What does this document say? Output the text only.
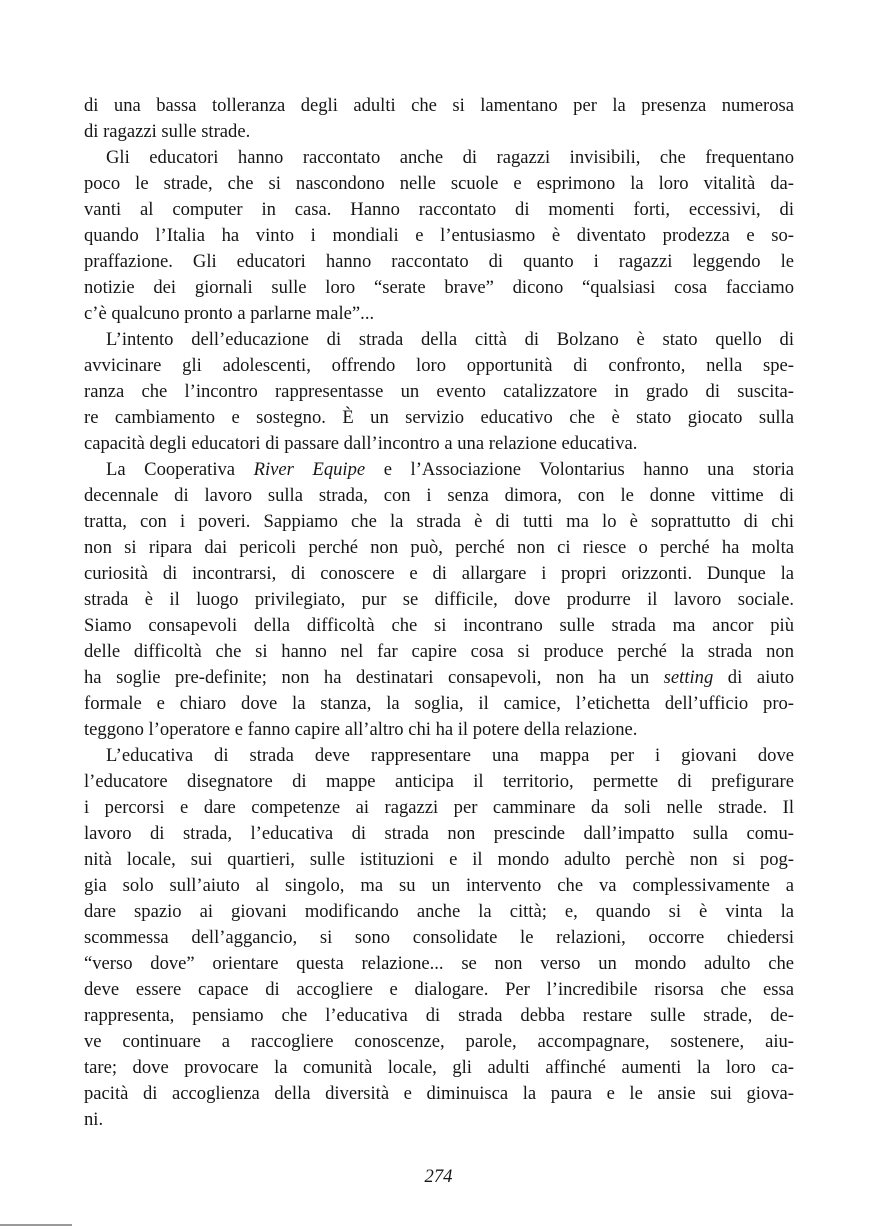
di una bassa tolleranza degli adulti che si lamentano per la presenza numerosa
di ragazzi sulle strade.
Gli educatori hanno raccontato anche di ragazzi invisibili, che frequentano
poco le strade, che si nascondono nelle scuole e esprimono la loro vitalità da-
vanti al computer in casa. Hanno raccontato di momenti forti, eccessivi, di
quando l’Italia ha vinto i mondiali e l’entusiasmo è diventato prodezza e so-
praffazione. Gli educatori hanno raccontato di quanto i ragazzi leggendo le
notizie dei giornali sulle loro “serate brave” dicono “qualsiasi cosa facciamo
c’è qualcuno pronto a parlarne male”...
L’intento dell’educazione di strada della città di Bolzano è stato quello di
avvicinare gli adolescenti, offrendo loro opportunità di confronto, nella spe-
ranza che l’incontro rappresentasse un evento catalizzatore in grado di suscita-
re cambiamento e sostegno. È un servizio educativo che è stato giocato sulla
capacità degli educatori di passare dall’incontro a una relazione educativa.
La Cooperativa River Equipe e l’Associazione Volontarius hanno una storia
decennale di lavoro sulla strada, con i senza dimora, con le donne vittime di
tratta, con i poveri. Sappiamo che la strada è di tutti ma lo è soprattutto di chi
non si ripara dai pericoli perché non può, perché non ci riesce o perché ha molta
curiosità di incontrarsi, di conoscere e di allargare i propri orizzonti. Dunque la
strada è il luogo privilegiato, pur se difficile, dove produrre il lavoro sociale.
Siamo consapevoli della difficoltà che si incontrano sulle strada ma ancor più
delle difficoltà che si hanno nel far capire cosa si produce perché la strada non
ha soglie pre-definite; non ha destinatari consapevoli, non ha un setting di aiuto
formale e chiaro dove la stanza, la soglia, il camice, l’etichetta dell’ufficio pro-
teggono l’operatore e fanno capire all’altro chi ha il potere della relazione.
L’educativa di strada deve rappresentare una mappa per i giovani dove
l’educatore disegnatore di mappe anticipa il territorio, permette di prefigurare
i percorsi e dare competenze ai ragazzi per camminare da soli nelle strade. Il
lavoro di strada, l’educativa di strada non prescinde dall’impatto sulla comu-
nità locale, sui quartieri, sulle istituzioni e il mondo adulto perchè non si pog-
gia solo sull’aiuto al singolo, ma su un intervento che va complessivamente a
dare spazio ai giovani modificando anche la città; e, quando si è vinta la
scommessa dell’aggancio, si sono consolidate le relazioni, occorre chiedersi
“verso dove” orientare questa relazione... se non verso un mondo adulto che
deve essere capace di accogliere e dialogare. Per l’incredibile risorsa che essa
rappresenta, pensiamo che l’educativa di strada debba restare sulle strade, de-
ve continuare a raccogliere conoscenze, parole, accompagnare, sostenere, aiu-
tare; dove provocare la comunità locale, gli adulti affinché aumenti la loro ca-
pacità di accoglienza della diversità e diminuisca la paura e le ansie sui giova-
ni.
274
